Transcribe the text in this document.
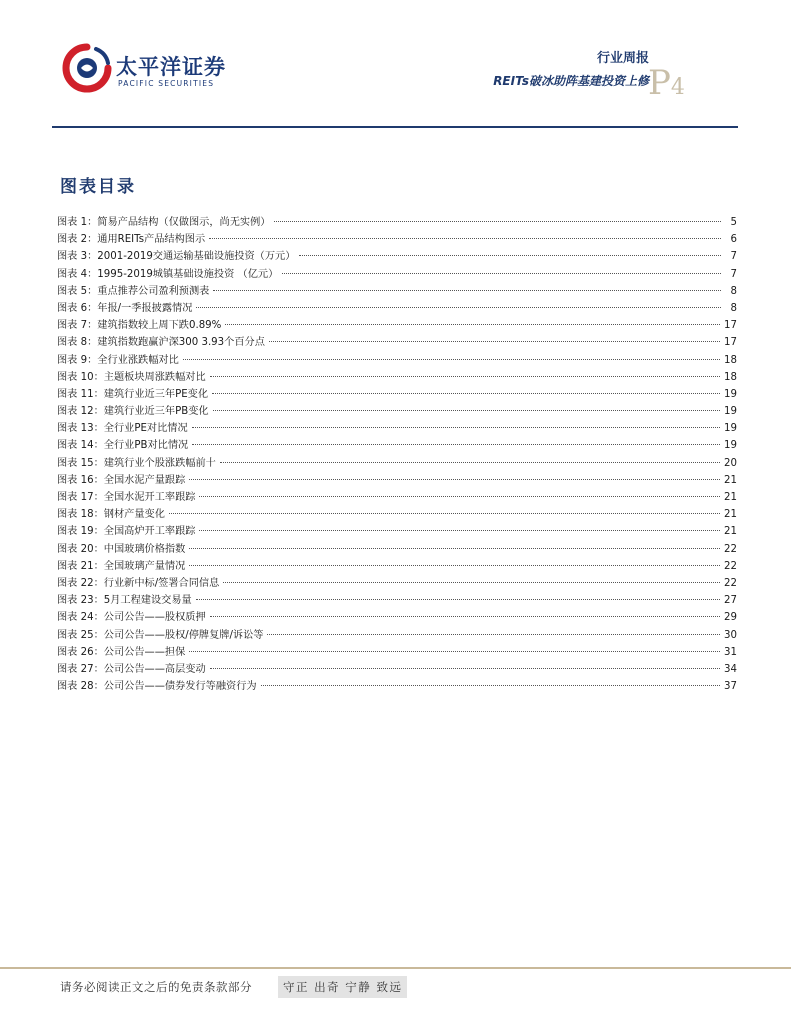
太平洋证券
PACIFIC SECURITIES
行业周报
REITs破冰助阵基建投资上修 P4
图表目录
图表 1：简易产品结构（仅做图示，尚无实例）	5
图表 2：通用REITs产品结构图示	6
图表 3：2001-2019交通运输基础设施投资（万元）	7
图表 4：1995-2019城镇基础设施投资 （亿元）	7
图表 5：重点推荐公司盈利预测表	8
图表 6：年报/一季报披露情况	8
图表 7：建筑指数较上周下跌0.89%	17
图表 8：建筑指数跑赢沪深300 3.93个百分点	17
图表 9：全行业涨跌幅对比	18
图表 10：主题板块周涨跌幅对比	18
图表 11：建筑行业近三年PE变化	19
图表 12：建筑行业近三年PB变化	19
图表 13：全行业PE对比情况	19
图表 14：全行业PB对比情况	19
图表 15：建筑行业个股涨跌幅前十	20
图表 16：全国水泥产量跟踪	21
图表 17：全国水泥开工率跟踪	21
图表 18：钢材产量变化	21
图表 19：全国高炉开工率跟踪	21
图表 20：中国玻璃价格指数	22
图表 21：全国玻璃产量情况	22
图表 22：行业新中标/签署合同信息	22
图表 23：5月工程建设交易量	27
图表 24：公司公告——股权质押	29
图表 25：公司公告——股权/停牌复牌/诉讼等	30
图表 26：公司公告——担保	31
图表 27：公司公告——高层变动	34
图表 28：公司公告——债券发行等融资行为	37
请务必阅读正文之后的免责条款部分	守正 出奇 宁静 致远
